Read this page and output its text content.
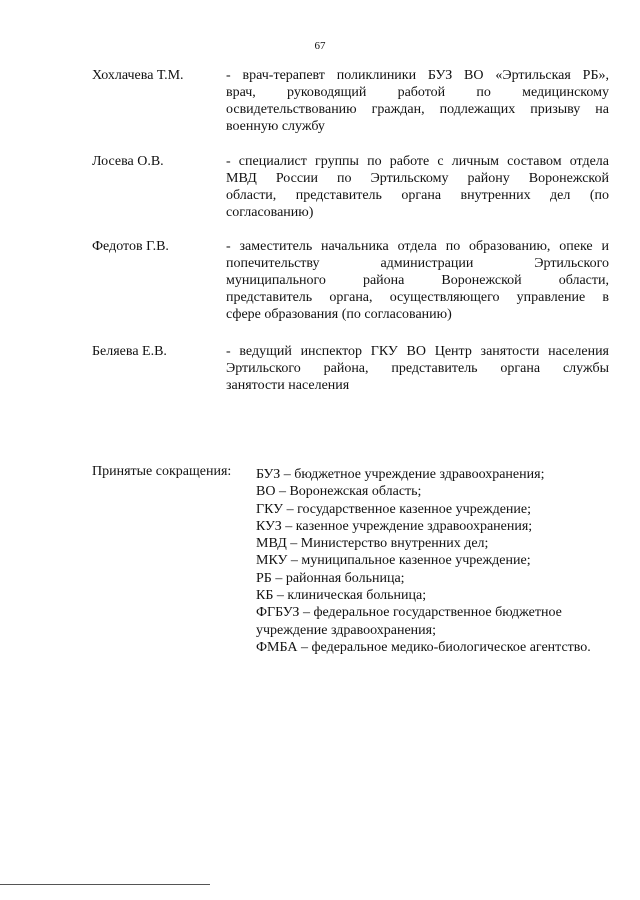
67
Хохлачева Т.М.	- врач-терапевт поликлиники БУЗ ВО «Эртильская РБ»,
врач, руководящий работой по медицинскому
освидетельствованию граждан, подлежащих призыву на
военную службу
Лосева О.В.	- специалист группы по работе с личным составом отдела
МВД России по Эртильскому району Воронежской
области, представитель органа внутренних дел (по
согласованию)
Федотов Г.В.	- заместитель начальника отдела по образованию, опеке и
попечительству администрации Эртильского
муниципального района Воронежской области,
представитель органа, осуществляющего управление в
сфере образования (по согласованию)
Беляева Е.В.	- ведущий инспектор ГКУ ВО Центр занятости населения
Эртильского района, представитель органа службы
занятости населения
Принятые сокращения: БУЗ – бюджетное учреждение здравоохранения;
ВО – Воронежская область;
ГКУ – государственное казенное учреждение;
КУЗ – казенное учреждение здравоохранения;
МВД – Министерство внутренних дел;
МКУ – муниципальное казенное учреждение;
РБ – районная больница;
КБ – клиническая больница;
ФГБУЗ – федеральное государственное бюджетное учреждение здравоохранения;
ФМБА – федеральное медико-биологическое агентство.
